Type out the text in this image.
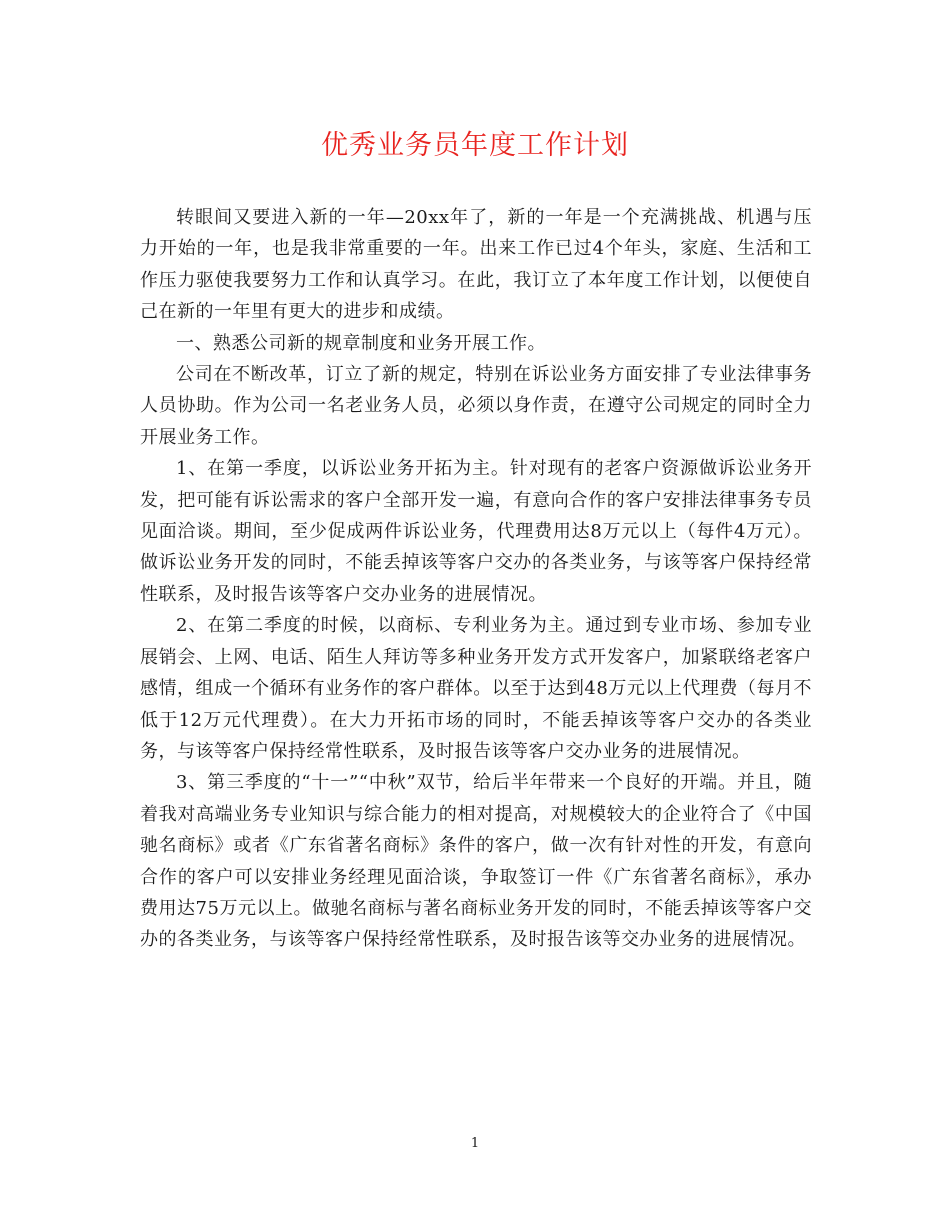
优秀业务员年度工作计划

转眼间又要进入新的一年—20xx年了，新的一年是一个充满挑战、机遇与压力开始的一年，也是我非常重要的一年。出来工作已过4个年头，家庭、生活和工作压力驱使我要努力工作和认真学习。在此，我订立了本年度工作计划，以便使自己在新的一年里有更大的进步和成绩。

一、熟悉公司新的规章制度和业务开展工作。

公司在不断改革，订立了新的规定，特别在诉讼业务方面安排了专业法律事务人员协助。作为公司一名老业务人员，必须以身作责，在遵守公司规定的同时全力开展业务工作。

1、在第一季度，以诉讼业务开拓为主。针对现有的老客户资源做诉讼业务开发，把可能有诉讼需求的客户全部开发一遍，有意向合作的客户安排法律事务专员见面洽谈。期间，至少促成两件诉讼业务，代理费用达8万元以上（每件4万元）。做诉讼业务开发的同时，不能丢掉该等客户交办的各类业务，与该等客户保持经常性联系，及时报告该等客户交办业务的进展情况。

2、在第二季度的时候，以商标、专利业务为主。通过到专业市场、参加专业展销会、上网、电话、陌生人拜访等多种业务开发方式开发客户，加紧联络老客户感情，组成一个循环有业务作的客户群体。以至于达到48万元以上代理费（每月不低于12万元代理费）。在大力开拓市场的同时，不能丢掉该等客户交办的各类业务，与该等客户保持经常性联系，及时报告该等客户交办业务的进展情况。

3、第三季度的“十一”“中秋”双节，给后半年带来一个良好的开端。并且，随着我对高端业务专业知识与综合能力的相对提高，对规模较大的企业符合了《中国驰名商标》或者《广东省著名商标》条件的客户，做一次有针对性的开发，有意向合作的客户可以安排业务经理见面洽谈，争取签订一件《广东省著名商标》，承办费用达75万元以上。做驰名商标与著名商标业务开发的同时，不能丢掉该等客户交办的各类业务，与该等客户保持经常性联系，及时报告该等交办业务的进展情况。

1
